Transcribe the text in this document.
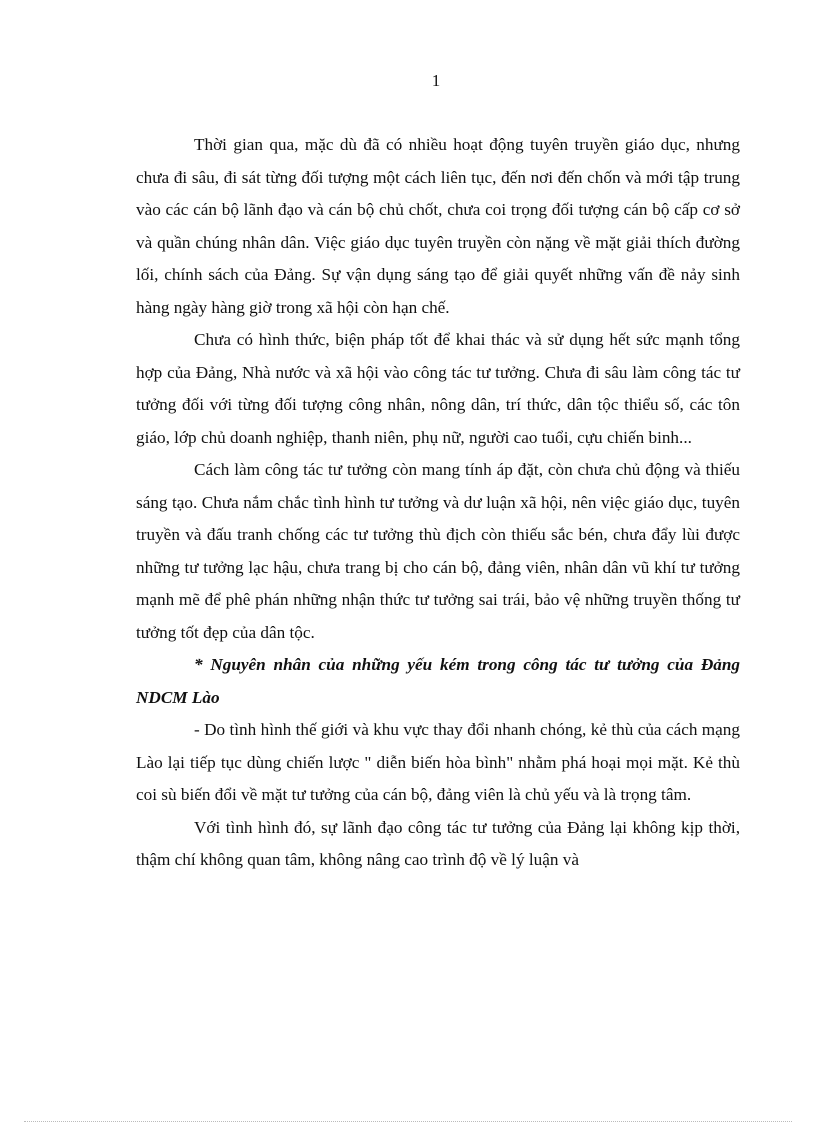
1

Thời gian qua, mặc dù đã có nhiều hoạt động tuyên truyền giáo dục, nhưng chưa đi sâu, đi sát từng đối tượng một cách liên tục, đến nơi đến chốn và mới tập trung vào các cán bộ lãnh đạo và cán bộ chủ chốt, chưa coi trọng đối tượng cán bộ cấp cơ sở và quần chúng nhân dân. Việc giáo dục tuyên truyền còn nặng về mặt giải thích đường lối, chính sách của Đảng. Sự vận dụng sáng tạo để giải quyết những vấn đề nảy sinh hàng ngày hàng giờ trong xã hội còn hạn chế.

Chưa có hình thức, biện pháp tốt để khai thác và sử dụng hết sức mạnh tổng hợp của Đảng, Nhà nước và xã hội vào công tác tư tưởng. Chưa đi sâu làm công tác tư tưởng đối với từng đối tượng công nhân, nông dân, trí thức, dân tộc thiểu số, các tôn giáo, lớp chủ doanh nghiệp, thanh niên, phụ nữ, người cao tuổi, cựu chiến binh...

Cách làm công tác tư tưởng còn mang tính áp đặt, còn chưa chủ động và thiếu sáng tạo. Chưa nắm chắc tình hình tư tưởng và dư luận xã hội, nên việc giáo dục, tuyên truyền và đấu tranh chống các tư tưởng thù địch còn thiếu sắc bén, chưa đẩy lùi được những tư tưởng lạc hậu, chưa trang bị cho cán bộ, đảng viên, nhân dân vũ khí tư tưởng mạnh mẽ để phê phán những nhận thức tư tưởng sai trái, bảo vệ những truyền thống tư tưởng tốt đẹp của dân tộc.

* Nguyên nhân của những yếu kém trong công tác tư tưởng của Đảng NDCM Lào

- Do tình hình thế giới và khu vực thay đổi nhanh chóng, kẻ thù của cách mạng Lào lại tiếp tục dùng chiến lược " diễn biến hòa bình" nhằm phá hoại mọi mặt. Kẻ thù coi sù biến đổi về mặt tư tưởng của cán bộ, đảng viên là chủ yếu và là trọng tâm.

Với tình hình đó, sự lãnh đạo công tác tư tưởng của Đảng lại không kịp thời, thậm chí không quan tâm, không nâng cao trình độ về lý luận và
